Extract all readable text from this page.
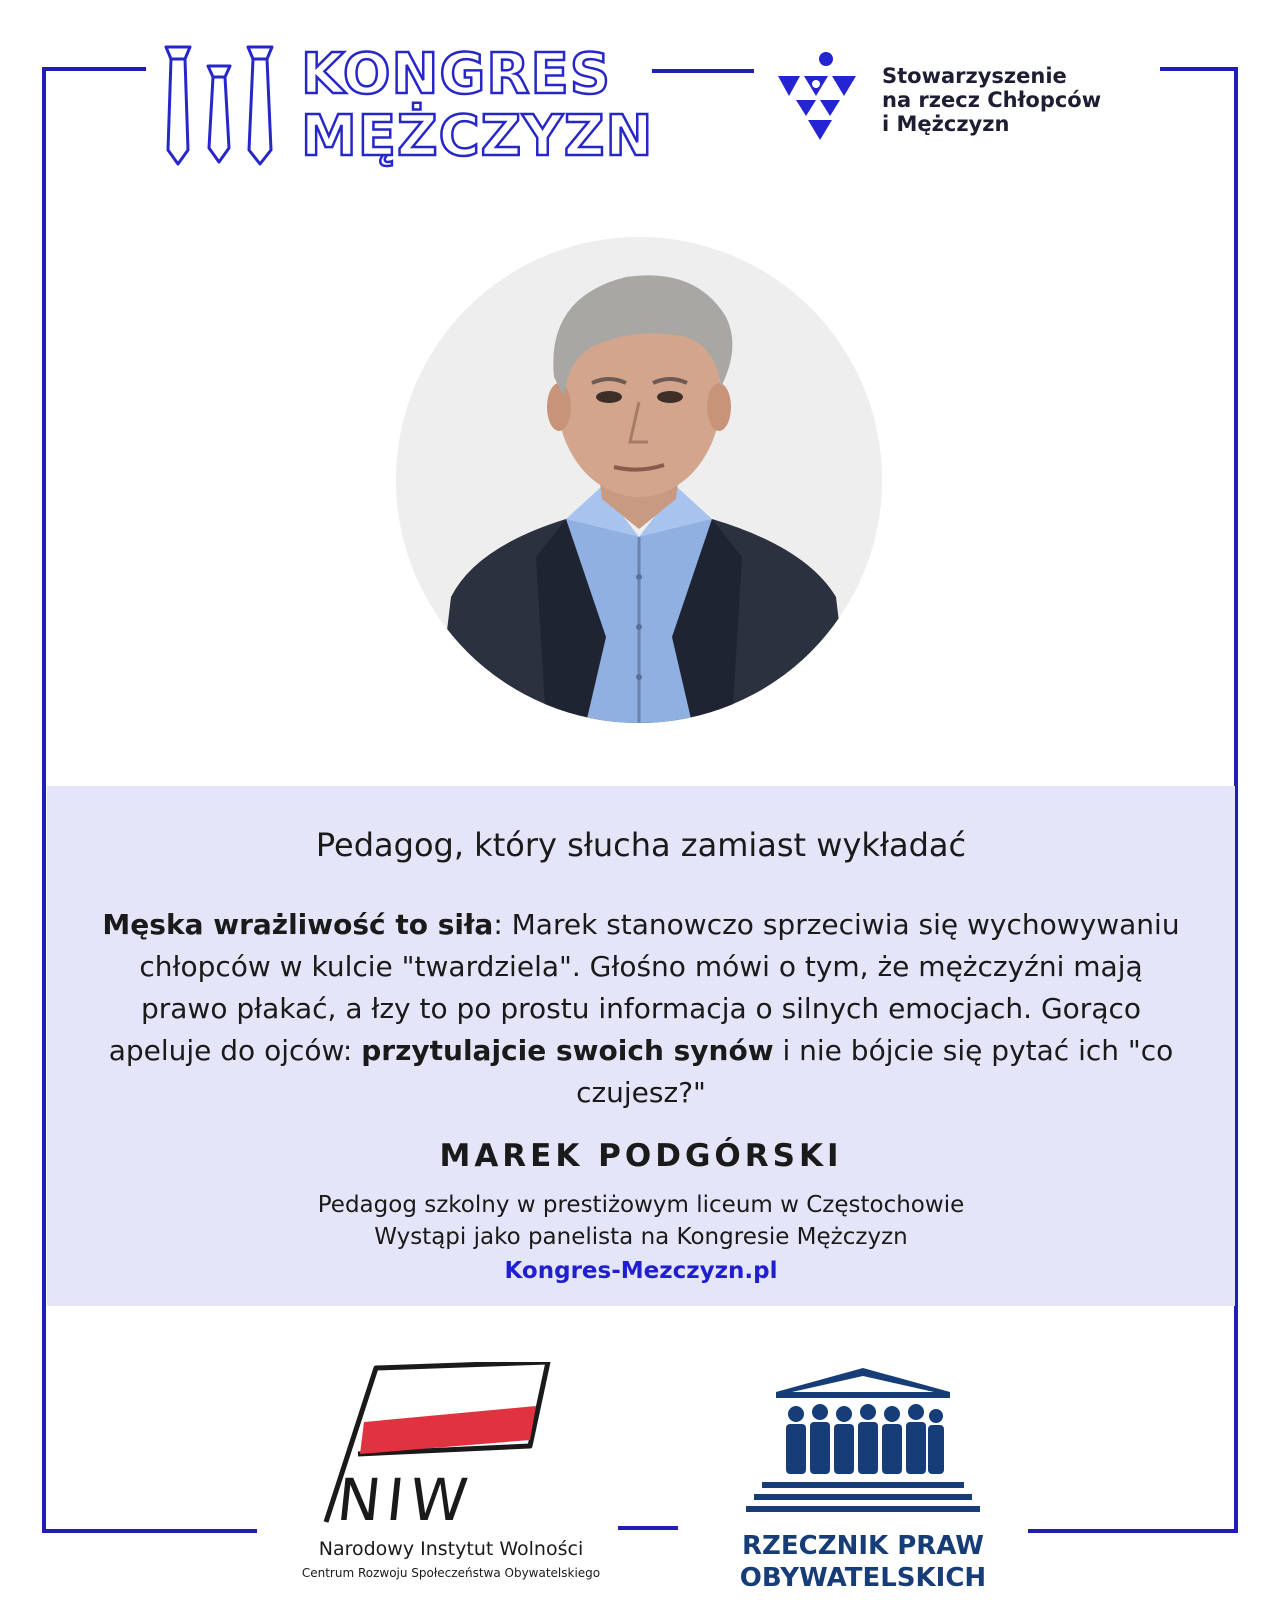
KONGRES
MĘŻCZYZN
Stowarzyszenie
na rzecz Chłopców
i Mężczyzn
Pedagog, który słucha zamiast wykładać
Męska wrażliwość to siła: Marek stanowczo sprzeciwia się wychowywaniu chłopców w kulcie "twardziela". Głośno mówi o tym, że mężczyźni mają prawo płakać, a łzy to po prostu informacja o silnych emocjach. Gorąco apeluje do ojców: przytulajcie swoich synów i nie bójcie się pytać ich "co czujesz?"
MAREK PODGÓRSKI
Pedagog szkolny w prestiżowym liceum w Częstochowie
Wystąpi jako panelista na Kongresie Mężczyzn
Kongres-Mezczyzn.pl
NIW
Narodowy Instytut Wolności
Centrum Rozwoju Społeczeństwa Obywatelskiego
RZECZNIK PRAW
OBYWATELSKICH
